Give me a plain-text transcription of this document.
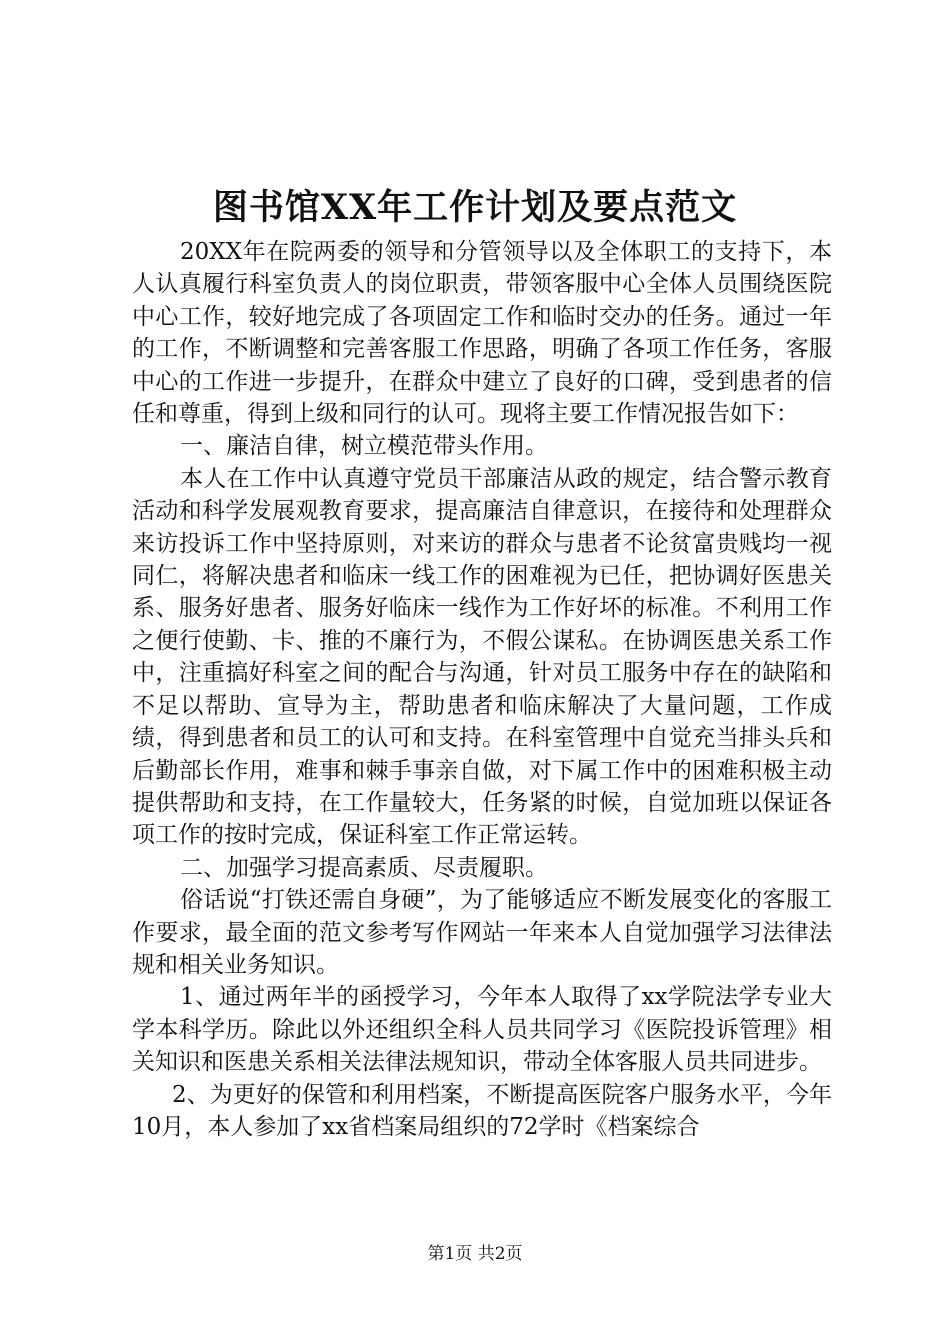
图书馆XX年工作计划及要点范文

20XX年在院两委的领导和分管领导以及全体职工的支持下，本人认真履行科室负责人的岗位职责，带领客服中心全体人员围绕医院中心工作，较好地完成了各项固定工作和临时交办的任务。通过一年的工作，不断调整和完善客服工作思路，明确了各项工作任务，客服中心的工作进一步提升，在群众中建立了良好的口碑，受到患者的信任和尊重，得到上级和同行的认可。现将主要工作情况报告如下：

一、廉洁自律，树立模范带头作用。

本人在工作中认真遵守党员干部廉洁从政的规定，结合警示教育活动和科学发展观教育要求，提高廉洁自律意识，在接待和处理群众来访投诉工作中坚持原则，对来访的群众与患者不论贫富贵贱均一视同仁，将解决患者和临床一线工作的困难视为已任，把协调好医患关系、服务好患者、服务好临床一线作为工作好坏的标准。不利用工作之便行使勤、卡、推的不廉行为，不假公谋私。在协调医患关系工作中，注重搞好科室之间的配合与沟通，针对员工服务中存在的缺陷和不足以帮助、宣导为主，帮助患者和临床解决了大量问题，工作成绩，得到患者和员工的认可和支持。在科室管理中自觉充当排头兵和后勤部长作用，难事和棘手事亲自做，对下属工作中的困难积极主动提供帮助和支持，在工作量较大，任务紧的时候，自觉加班以保证各项工作的按时完成，保证科室工作正常运转。

二、加强学习提高素质、尽责履职。

俗话说“打铁还需自身硬”，为了能够适应不断发展变化的客服工作要求，最全面的范文参考写作网站一年来本人自觉加强学习法律法规和相关业务知识。

1、通过两年半的函授学习，今年本人取得了xx学院法学专业大学本科学历。除此以外还组织全科人员共同学习《医院投诉管理》相关知识和医患关系相关法律法规知识，带动全体客服人员共同进步。

2、为更好的保管和利用档案，不断提高医院客户服务水平，今年10月，本人参加了xx省档案局组织的72学时《档案综合

第1页 共2页
